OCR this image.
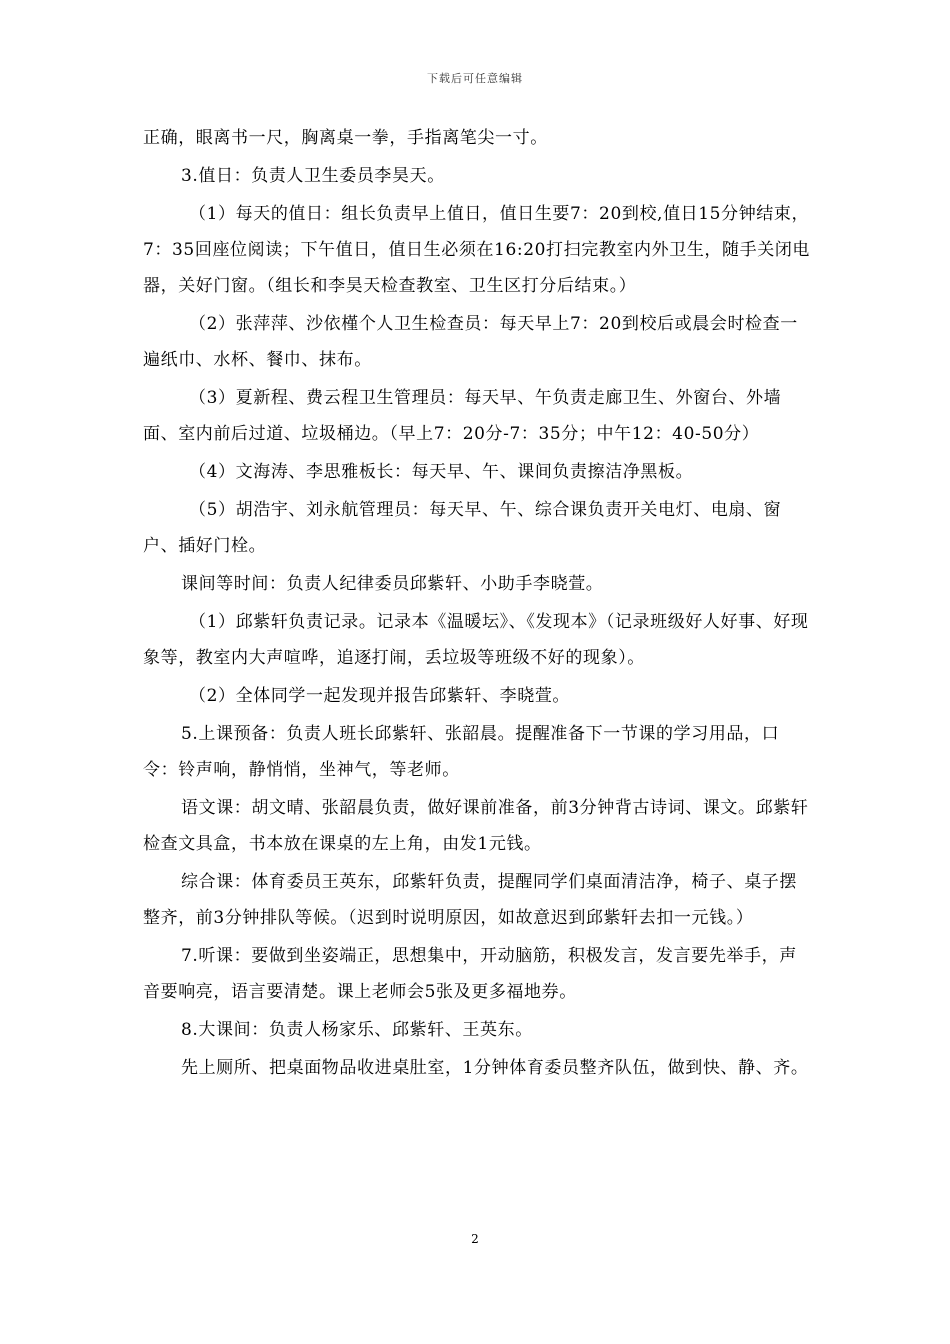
下载后可任意编辑

正确，眼离书一尺，胸离桌一拳，手指离笔尖一寸。

3.值日：负责人卫生委员李昊天。

（1）每天的值日：组长负责早上值日，值日生要7：20到校,值日15分钟结束，7：35回座位阅读；下午值日，值日生必须在16:20打扫完教室内外卫生，随手关闭电器，关好门窗。（组长和李昊天检查教室、卫生区打分后结束。）

（2）张萍萍、沙依槿个人卫生检查员：每天早上7：20到校后或晨会时检查一遍纸巾、水杯、餐巾、抹布。

（3）夏新程、费云程卫生管理员：每天早、午负责走廊卫生、外窗台、外墙面、室内前后过道、垃圾桶边。（早上7：20分-7：35分；中午12：40-50分）

（4）文海涛、李思雅板长：每天早、午、课间负责擦洁净黑板。

（5）胡浩宇、刘永航管理员：每天早、午、综合课负责开关电灯、电扇、窗户、插好门栓。

课间等时间：负责人纪律委员邱紫轩、小助手李晓萱。

（1）邱紫轩负责记录。记录本《温暖坛》、《发现本》（记录班级好人好事、好现象等，教室内大声喧哗，追逐打闹，丢垃圾等班级不好的现象）。

（2）全体同学一起发现并报告邱紫轩、李晓萱。

5.上课预备：负责人班长邱紫轩、张韶晨。提醒准备下一节课的学习用品，口令：铃声响，静悄悄，坐神气，等老师。

语文课：胡文晴、张韶晨负责，做好课前准备，前3分钟背古诗词、课文。邱紫轩检查文具盒，书本放在课桌的左上角，由发1元钱。

综合课：体育委员王英东，邱紫轩负责，提醒同学们桌面清洁净，椅子、桌子摆整齐，前3分钟排队等候。（迟到时说明原因，如故意迟到邱紫轩去扣一元钱。）

7.听课：要做到坐姿端正，思想集中，开动脑筋，积极发言，发言要先举手，声音要响亮，语言要清楚。课上老师会5张及更多福地券。

8.大课间：负责人杨家乐、邱紫轩、王英东。

先上厕所、把桌面物品收进桌肚室，1分钟体育委员整齐队伍，做到快、静、齐。

2
